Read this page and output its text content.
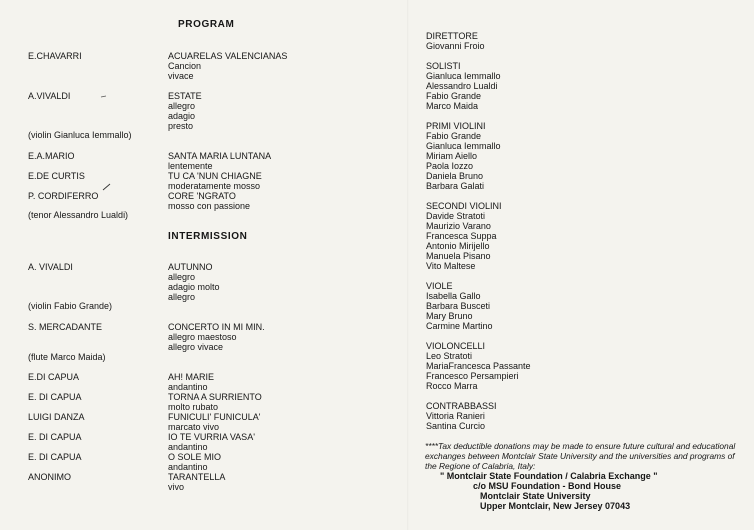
PROGRAM
INTERMISSION
E.CHAVARRI	ACUARELAS VALENCIANAS
Cancion
vivace
A.VIVALDI	ESTATE
allegro
adagio
presto
(violin Gianluca Iemmallo)
E.A.MARIO	SANTA MARIA LUNTANA
lentemente
E.DE CURTIS	TU CA 'NUN CHIAGNE
moderatamente mosso
P. CORDIFERRO	CORE 'NGRATO
mosso con passione
(tenor Alessandro Lualdi)
A. VIVALDI	AUTUNNO
allegro
adagio molto
allegro
(violin Fabio Grande)
S. MERCADANTE	CONCERTO IN MI MIN.
allegro maestoso
allegro vivace
(flute Marco Maida)
E.DI CAPUA	AH! MARIE
andantino
E. DI CAPUA	TORNA A SURRIENTO
molto rubato
LUIGI DANZA	FUNICULI' FUNICULA'
marcato vivo
E. DI CAPUA	IO TE VURRIA VASA'
andantino
E. DI CAPUA	O SOLE MIO
andantino
ANONIMO	TARANTELLA
vivo
DIRETTORE
Giovanni Froio
SOLISTI
Gianluca Iemmallo
Alessandro Lualdi
Fabio Grande
Marco Maida
PRIMI VIOLINI
Fabio Grande
Gianluca Iemmallo
Miriam Aiello
Paola Iozzo
Daniela Bruno
Barbara Galati
SECONDI VIOLINI
Davide Stratoti
Maurizio Varano
Francesca Suppa
Antonio Mirijello
Manuela Pisano
Vito Maltese
VIOLE
Isabella Gallo
Barbara Busceti
Mary Bruno
Carmine Martino
VIOLONCELLI
Leo Stratoti
MariaFrancesca Passante
Francesco Persampieri
Rocco Marra
CONTRABBASSI
Vittoria Ranieri
Santina Curcio
****Tax deductible donations may be made to ensure future cultural and educational exchanges between Montclair State University and the universities and programs of the Regione of Calabria, Italy:
" Montclair State Foundation / Calabria Exchange "
c/o MSU Foundation - Bond House
Montclair State University
Upper Montclair, New Jersey 07043
